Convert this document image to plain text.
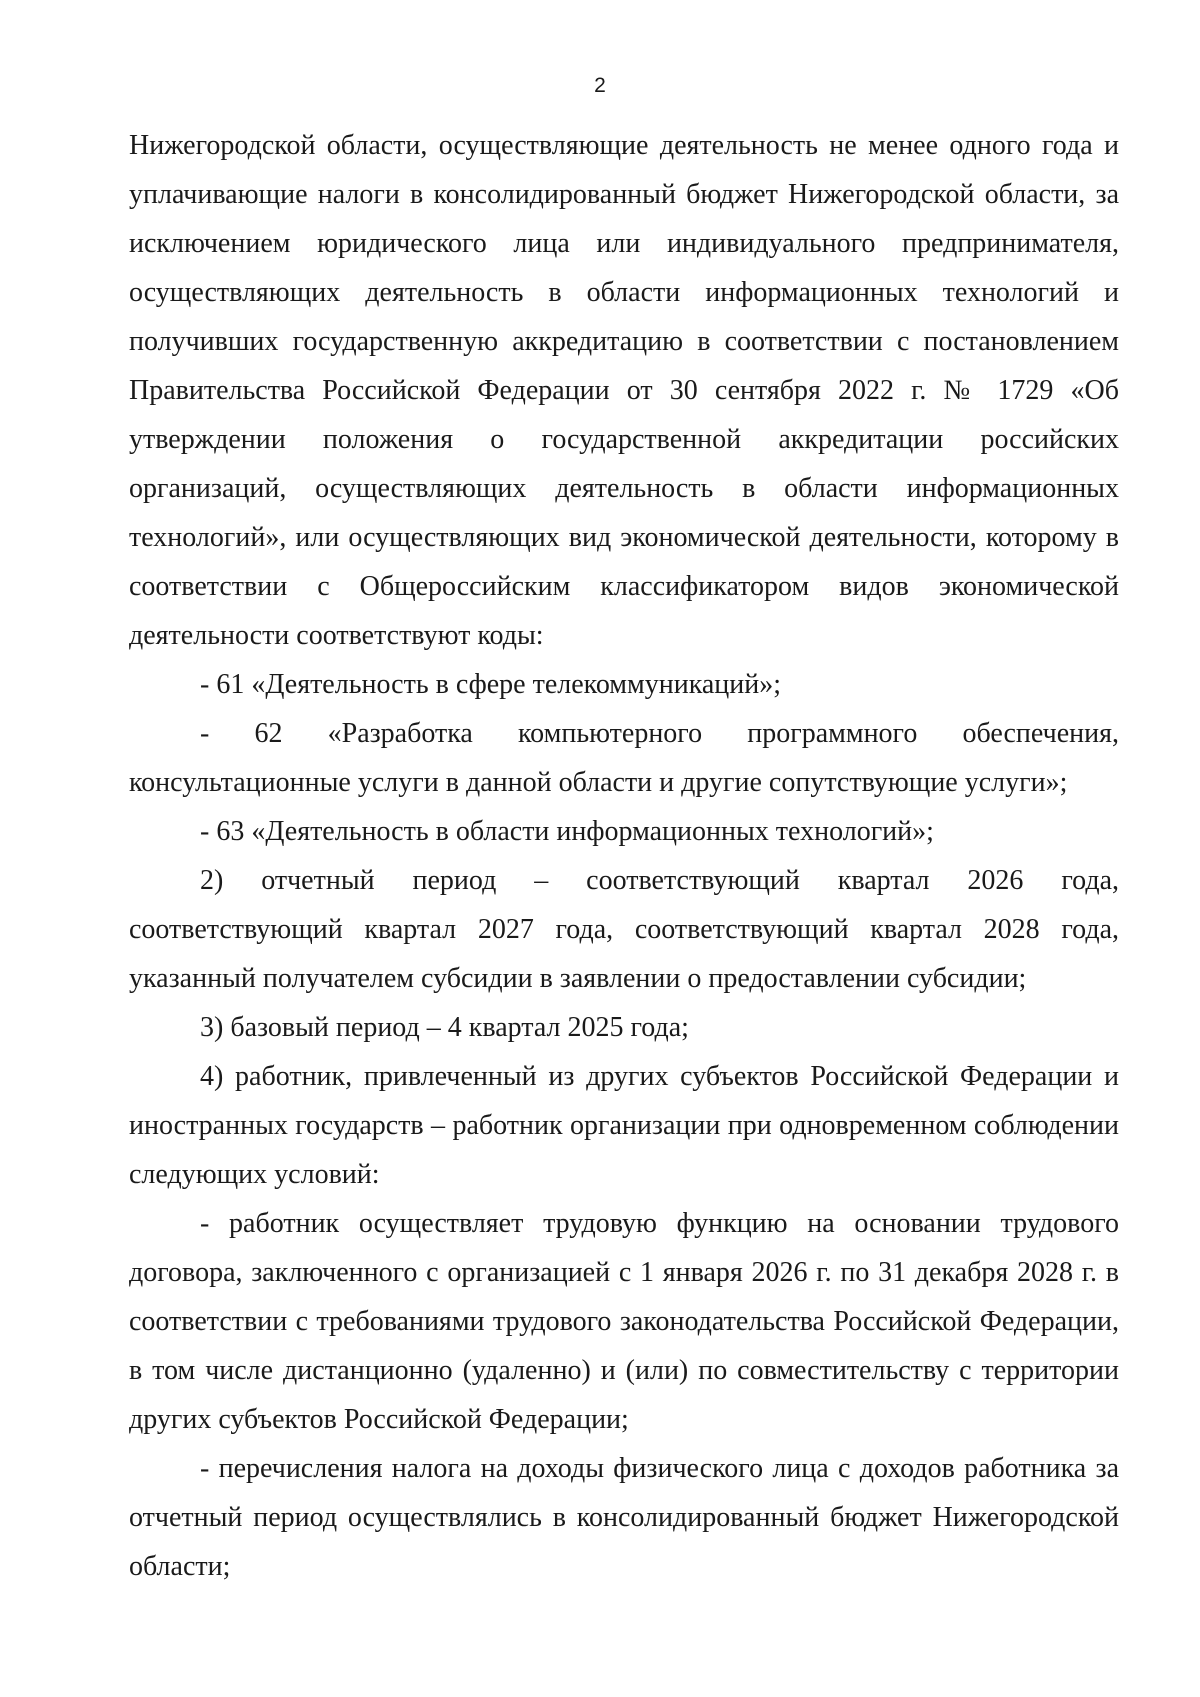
2

Нижегородской области, осуществляющие деятельность не менее одного года и уплачивающие налоги в консолидированный бюджет Нижегородской области, за исключением юридического лица или индивидуального предпринимателя, осуществляющих деятельность в области информационных технологий и получивших государственную аккредитацию в соответствии с постановлением Правительства Российской Федерации от 30 сентября 2022 г. № 1729 «Об утверждении положения о государственной аккредитации российских организаций, осуществляющих деятельность в области информационных технологий», или осуществляющих вид экономической деятельности, которому в соответствии с Общероссийским классификатором видов экономической деятельности соответствуют коды:

- 61 «Деятельность в сфере телекоммуникаций»;

- 62 «Разработка компьютерного программного обеспечения, консультационные услуги в данной области и другие сопутствующие услуги»;

- 63 «Деятельность в области информационных технологий»;

2) отчетный период – соответствующий квартал 2026 года, соответствующий квартал 2027 года, соответствующий квартал 2028 года, указанный получателем субсидии в заявлении о предоставлении субсидии;

3) базовый период – 4 квартал 2025 года;

4) работник, привлеченный из других субъектов Российской Федерации и иностранных государств – работник организации при одновременном соблюдении следующих условий:

- работник осуществляет трудовую функцию на основании трудового договора, заключенного с организацией с 1 января 2026 г. по 31 декабря 2028 г. в соответствии с требованиями трудового законодательства Российской Федерации, в том числе дистанционно (удаленно) и (или) по совместительству с территории других субъектов Российской Федерации;

- перечисления налога на доходы физического лица с доходов работника за отчетный период осуществлялись в консолидированный бюджет Нижегородской области;
